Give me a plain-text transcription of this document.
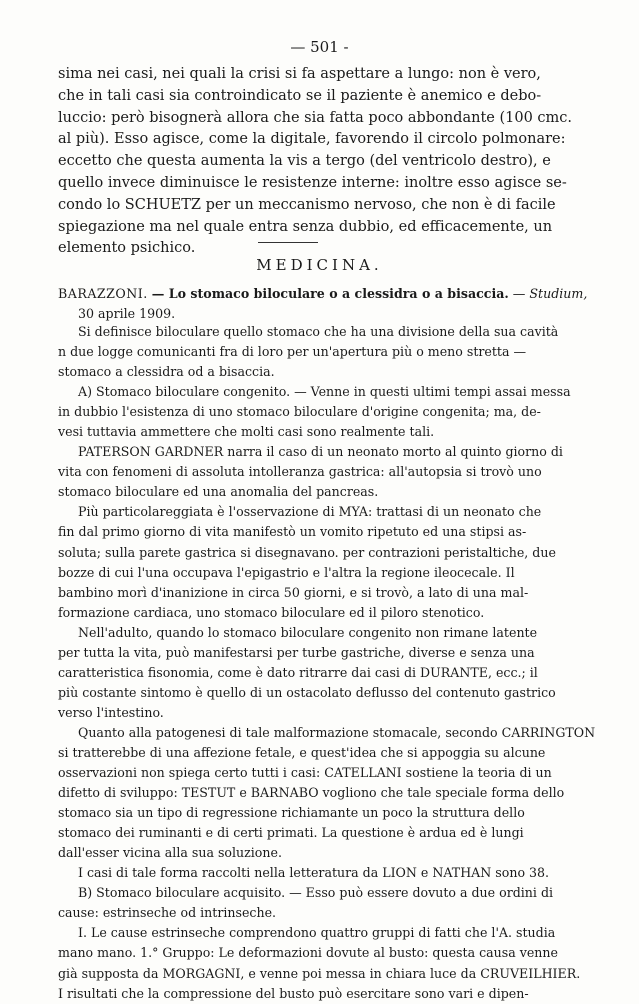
— 501 -
sima nei casi, nei quali la crisi si fa aspettare a lungo: non è vero,
che in tali casi sia controindicato se il paziente è anemico e debo-
luccio: però bisognerà allora che sia fatta poco abbondante (100 cmc.
al più). Esso agisce, come la digitale, favorendo il circolo polmonare:
eccetto che questa aumenta la vis a tergo (del ventricolo destro), e
quello invece diminuisce le resistenze interne: inoltre esso agisce se-
condo lo SCHUETZ per un meccanismo nervoso, che non è di facile
spiegazione ma nel quale entra senza dubbio, ed efficacemente, un
elemento psichico.
MEDICINA.
BARAZZONI. — Lo stomaco biloculare o a clessidra o a bisaccia. — Studium,
30 aprile 1909.
Si definisce biloculare quello stomaco che ha una divisione della sua cavità
n due logge comunicanti fra di loro per un'apertura più o meno stretta —
stomaco a clessidra od a bisaccia.
A) Stomaco biloculare congenito. — Venne in questi ultimi tempi assai messa
in dubbio l'esistenza di uno stomaco biloculare d'origine congenita; ma, de-
vesi tuttavia ammettere che molti casi sono realmente tali.
PATERSON GARDNER narra il caso di un neonato morto al quinto giorno di
vita con fenomeni di assoluta intolleranza gastrica: all'autopsia si trovò uno
stomaco biloculare ed una anomalia del pancreas.
Più particolareggiata è l'osservazione di MYA: trattasi di un neonato che
fin dal primo giorno di vita manifestò un vomito ripetuto ed una stipsi as-
soluta; sulla parete gastrica si disegnavano. per contrazioni peristaltiche, due
bozze di cui l'una occupava l'epigastrio e l'altra la regione ileocecale. Il
bambino morì d'inanizione in circa 50 giorni, e si trovò, a lato di una mal-
formazione cardiaca, uno stomaco biloculare ed il piloro stenotico.
Nell'adulto, quando lo stomaco biloculare congenito non rimane latente
per tutta la vita, può manifestarsi per turbe gastriche, diverse e senza una
caratteristica fisonomia, come è dato ritrarre dai casi di DURANTE, ecc.; il
più costante sintomo è quello di un ostacolato deflusso del contenuto gastrico
verso l'intestino.
Quanto alla patogenesi di tale malformazione stomacale, secondo CARRINGTON
si tratterebbe di una affezione fetale, e quest'idea che si appoggia su alcune
osservazioni non spiega certo tutti i casi: CATELLANI sostiene la teoria di un
difetto di sviluppo: TESTUT e BARNABO vogliono che tale speciale forma dello
stomaco sia un tipo di regressione richiamante un poco la struttura dello
stomaco dei ruminanti e di certi primati. La questione è ardua ed è lungi
dall'esser vicina alla sua soluzione.
I casi di tale forma raccolti nella letteratura da LION e NATHAN sono 38.
B) Stomaco biloculare acquisito. — Esso può essere dovuto a due ordini di
cause: estrinseche od intrinseche.
I. Le cause estrinseche comprendono quattro gruppi di fatti che l'A. studia
mano mano. 1.° Gruppo: Le deformazioni dovute al busto: questa causa venne
già supposta da MORGAGNI, e venne poi messa in chiara luce da CRUVEILHIER.
I risultati che la compressione del busto può esercitare sono vari e dipen-
